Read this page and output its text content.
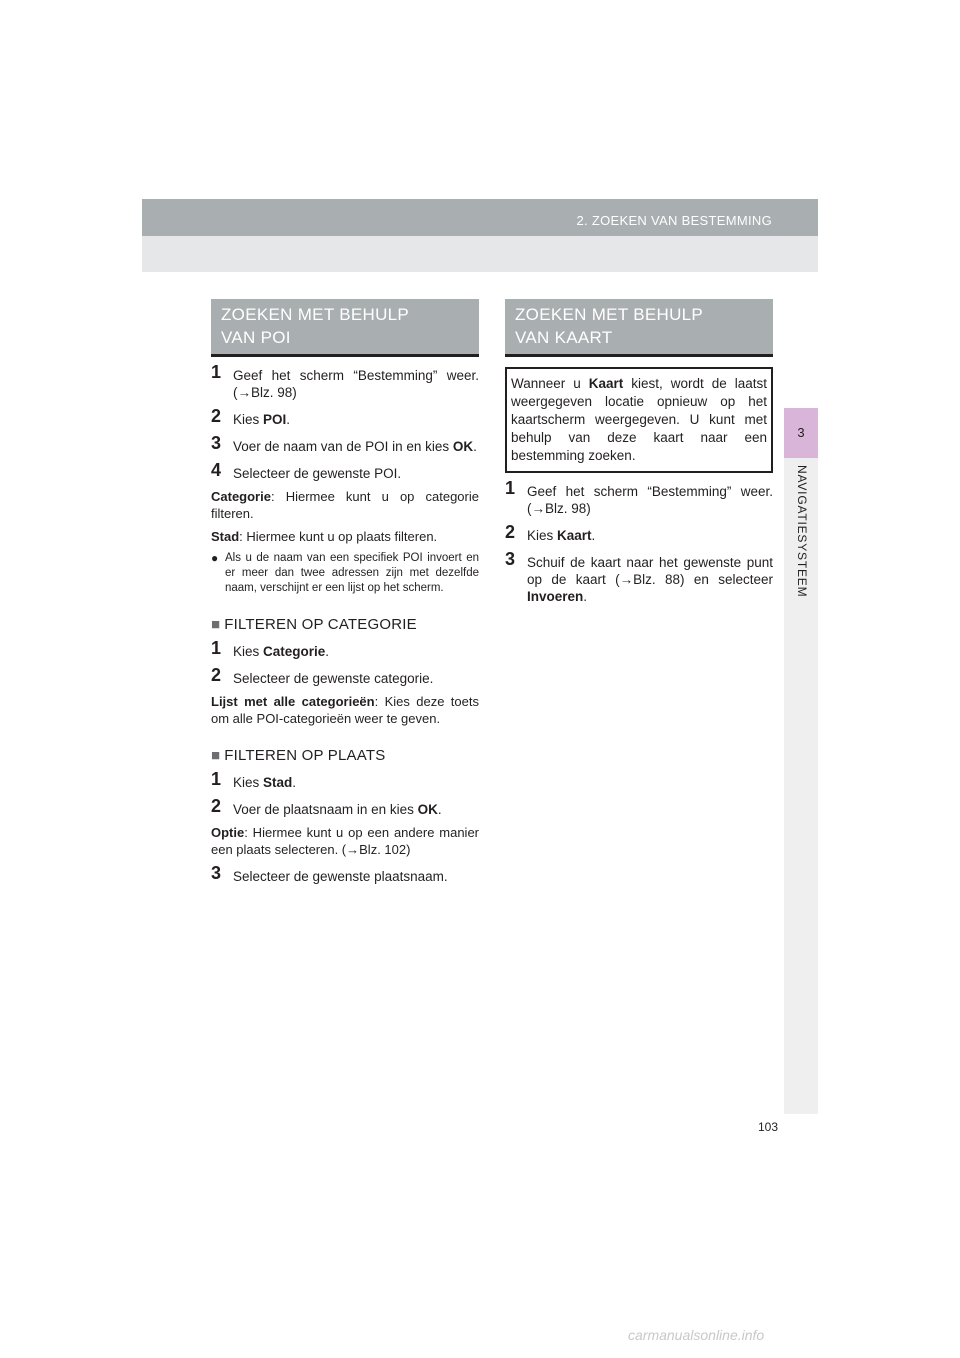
2. ZOEKEN VAN BESTEMMING
3
NAVIGATIESYSTEEM
ZOEKEN MET BEHULP
VAN POI
1 Geef het scherm “Bestemming” weer. (→Blz. 98)
2 Kies POI.
3 Voer de naam van de POI in en kies OK.
4 Selecteer de gewenste POI.
Categorie: Hiermee kunt u op categorie filteren.
Stad: Hiermee kunt u op plaats filteren.
● Als u de naam van een specifiek POI invoert en er meer dan twee adressen zijn met dezelfde naam, verschijnt er een lijst op het scherm.
■ FILTEREN OP CATEGORIE
1 Kies Categorie.
2 Selecteer de gewenste categorie.
Lijst met alle categorieën: Kies deze toets om alle POI-categorieën weer te geven.
■ FILTEREN OP PLAATS
1 Kies Stad.
2 Voer de plaatsnaam in en kies OK.
Optie: Hiermee kunt u op een andere manier een plaats selecteren. (→Blz. 102)
3 Selecteer de gewenste plaatsnaam.
ZOEKEN MET BEHULP
VAN KAART
Wanneer u Kaart kiest, wordt de laatst weergegeven locatie opnieuw op het kaartscherm weergegeven. U kunt met behulp van deze kaart naar een bestemming zoeken.
1 Geef het scherm “Bestemming” weer. (→Blz. 98)
2 Kies Kaart.
3 Schuif de kaart naar het gewenste punt op de kaart (→Blz. 88) en selecteer Invoeren.
103
carmanualsonline.info
